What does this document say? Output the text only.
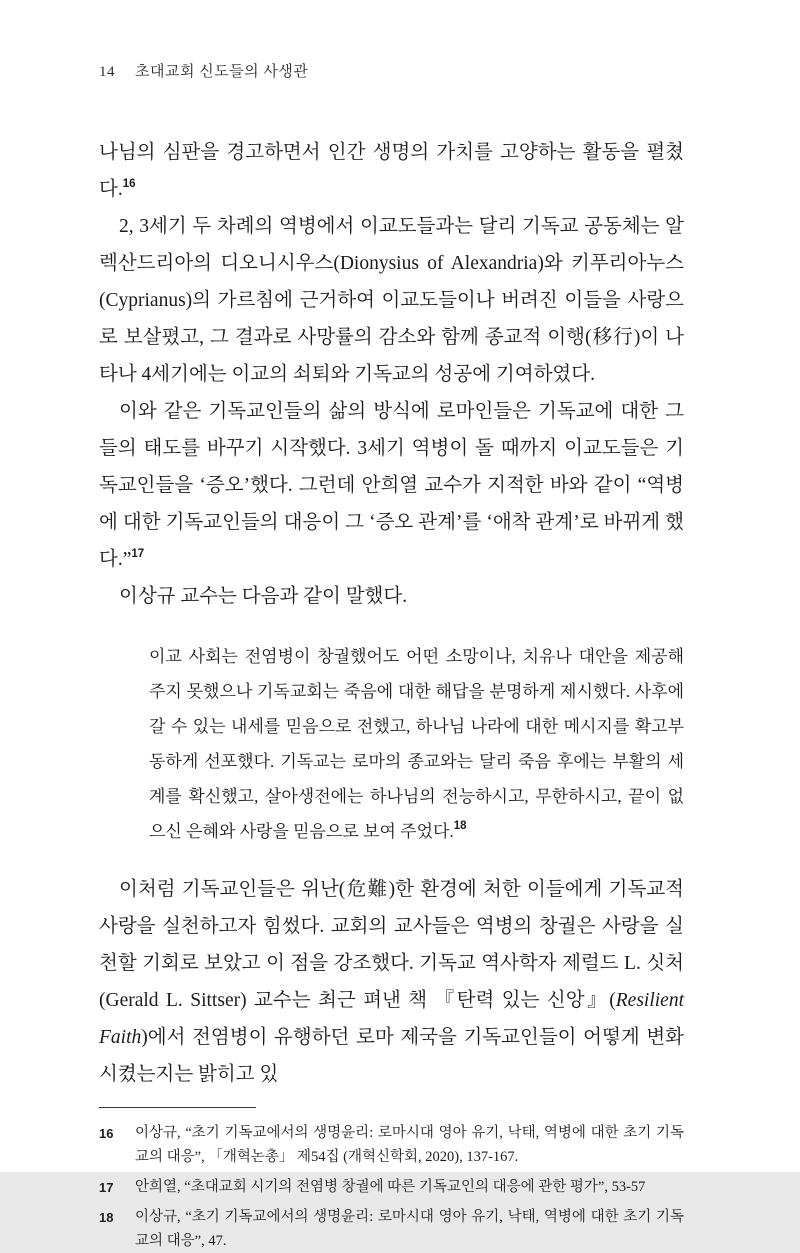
14 초대교회 신도들의 사생관

나님의 심판을 경고하면서 인간 생명의 가치를 고양하는 활동을 펼쳤다.$^{16}$

2, 3세기 두 차례의 역병에서 이교도들과는 달리 기독교 공동체는 알렉산드리아의 디오니시우스(Dionysius of Alexandria)와 키푸리아누스(Cyprianus)의 가르침에 근거하여 이교도들이나 버려진 이들을 사랑으로 보살폈고, 그 결과로 사망률의 감소와 함께 종교적 이행(移行)이 나타나 4세기에는 이교의 쇠퇴와 기독교의 성공에 기여하였다.

이와 같은 기독교인들의 삶의 방식에 로마인들은 기독교에 대한 그들의 태도를 바꾸기 시작했다. 3세기 역병이 돌 때까지 이교도들은 기독교인들을 ‘증오’했다. 그런데 안희열 교수가 지적한 바와 같이 “역병에 대한 기독교인들의 대응이 그 ‘증오 관계’를 ‘애착 관계’로 바뀌게 했다.”$^{17}$

이상규 교수는 다음과 같이 말했다.

이교 사회는 전염병이 창궐했어도 어떤 소망이나, 치유나 대안을 제공해 주지 못했으나 기독교회는 죽음에 대한 해답을 분명하게 제시했다. 사후에 갈 수 있는 내세를 믿음으로 전했고, 하나님 나라에 대한 메시지를 확고부동하게 선포했다. 기독교는 로마의 종교와는 달리 죽음 후에는 부활의 세계를 확신했고, 살아생전에는 하나님의 전능하시고, 무한하시고, 끝이 없으신 은혜와 사랑을 믿음으로 보여 주었다.$^{18}$

이처럼 기독교인들은 위난(危難)한 환경에 처한 이들에게 기독교적 사랑을 실천하고자 힘썼다. 교회의 교사들은 역병의 창궐은 사랑을 실천할 기회로 보았고 이 점을 강조했다. 기독교 역사학자 제럴드 L. 싯처(Gerald L. Sittser) 교수는 최근 펴낸 책 『탄력 있는 신앙』(Resilient Faith)에서 전염병이 유행하던 로마 제국을 기독교인들이 어떻게 변화시켰는지는 밝히고 있

16 이상규, “초기 기독교에서의 생명윤리: 로마시대 영아 유기, 낙태, 역병에 대한 초기 기독교의 대응”, 「개혁논총」 제54집 (개혁신학회, 2020), 137-167.
17 안희열, “초대교회 시기의 전염병 창궐에 따른 기독교인의 대응에 관한 평가”, 53-57
18 이상규, “초기 기독교에서의 생명윤리: 로마시대 영아 유기, 낙태, 역병에 대한 초기 기독교의 대응”, 47.
